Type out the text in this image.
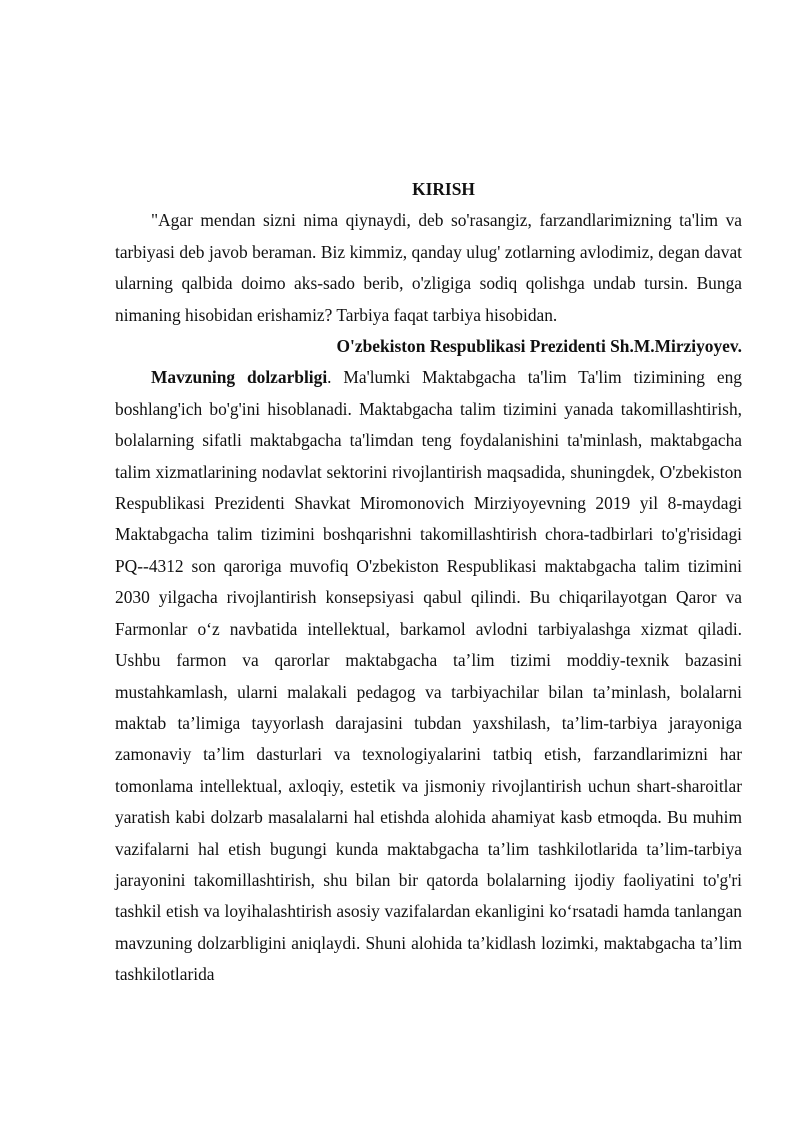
KIRISH

"Agar mendan sizni nima qiynaydi, deb so'rasangiz, farzandlarimizning ta'lim va tarbiyasi deb javob beraman. Biz kimmiz, qanday ulug' zotlarning avlodimiz, degan davat ularning qalbida doimo aks-sado berib, o'zligiga sodiq qolishga undab tursin. Bunga nimaning hisobidan erishamiz? Tarbiya faqat tarbiya hisobidan.

O'zbekiston Respublikasi Prezidenti Sh.M.Mirziyoyev.

Mavzuning dolzarbligi. Ma'lumki Maktabgacha ta'lim Ta'lim tizimining eng boshlang'ich bo'g'ini hisoblanadi. Maktabgacha talim tizimini yanada takomillashtirish, bolalarning sifatli maktabgacha ta'limdan teng foydalanishini ta'minlash, maktabgacha talim xizmatlarining nodavlat sektorini rivojlantirish maqsadida, shuningdek, O'zbekiston Respublikasi Prezidenti Shavkat Miromonovich Mirziyoyevning 2019 yil 8-maydagi Maktabgacha talim tizimini boshqarishni takomillashtirish chora-tadbirlari to'g'risidagi PQ--4312 son qaroriga muvofiq O'zbekiston Respublikasi maktabgacha talim tizimini 2030 yilgacha rivojlantirish konsepsiyasi qabul qilindi. Bu chiqarilayotgan Qaror va Farmonlar o‘z navbatida intellektual, barkamol avlodni tarbiyalashga xizmat qiladi. Ushbu farmon va qarorlar maktabgacha ta’lim tizimi moddiy-texnik bazasini mustahkamlash, ularni malakali pedagog va tarbiyachilar bilan ta’minlash, bolalarni maktab ta’limiga tayyorlash darajasini tubdan yaxshilash, ta’lim-tarbiya jarayoniga zamonaviy ta’lim dasturlari va texnologiyalarini tatbiq etish, farzandlarimizni har tomonlama intellektual, axloqiy, estetik va jismoniy rivojlantirish uchun shart-sharoitlar yaratish kabi dolzarb masalalarni hal etishda alohida ahamiyat kasb etmoqda. Bu muhim vazifalarni hal etish bugungi kunda maktabgacha ta’lim tashkilotlarida ta’lim-tarbiya jarayonini takomillashtirish, shu bilan bir qatorda bolalarning ijodiy faoliyatini to'g'ri tashkil etish va loyihalashtirish asosiy vazifalardan ekanligini ko‘rsatadi hamda tanlangan mavzuning dolzarbligini aniqlaydi. Shuni alohida ta’kidlash lozimki, maktabgacha ta’lim tashkilotlarida
